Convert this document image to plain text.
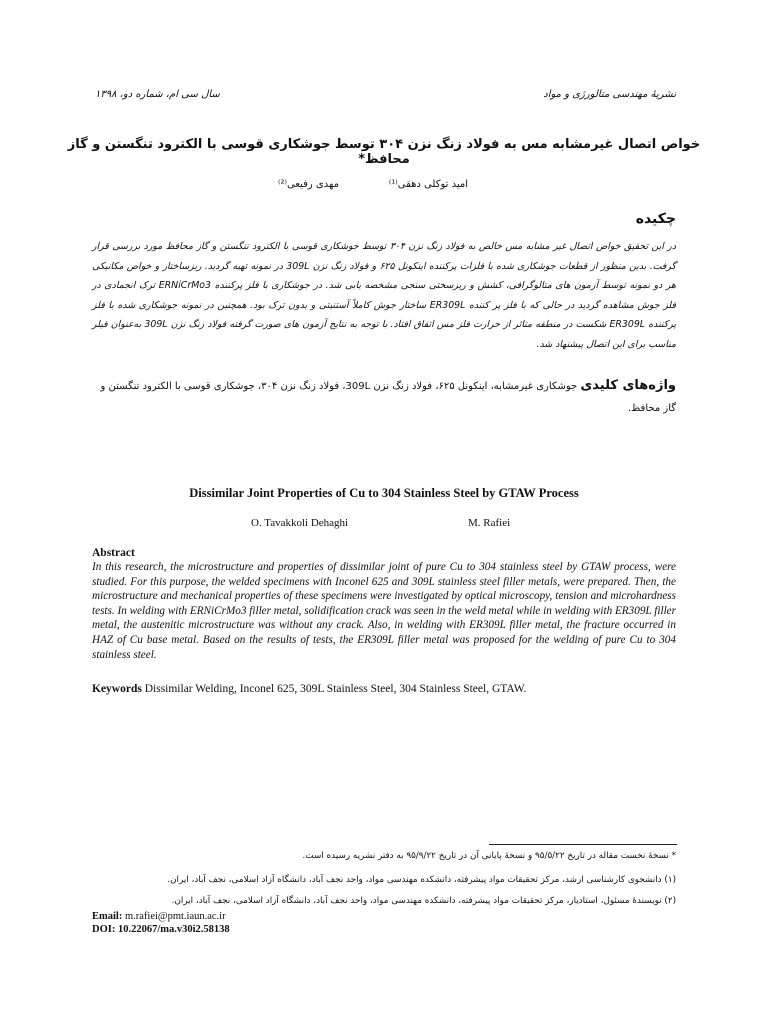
نشریهٔ مهندسی متالورژی و مواد
سال سی ام، شماره دو، ۱۳۹۸
خواص اتصال غیرمشابه مس به فولاد زنگ نزن ۳۰۴ توسط جوشکاری قوسی با الکترود تنگستن و گاز محافظ*
امید توکلی دهقی⁽¹⁾
مهدی رفیعی⁽²⁾
چکیده
در این تحقیق خواص اتصال غیر مشابه مس خالص به فولاد زنگ نزن ۳۰۴ توسط جوشکاری قوسی با الکترود تنگستن و گاز محافظ مورد بررسی قرار گرفت. بدین منظور از قطعات جوشکاری شده با فلزات پرکننده اینکونل ۶۲۵ و فولاد زنگ نزن 309L در نمونه تهیه گردید. ریزساختار و خواص مکانیکی هر دو نمونه توسط آزمون های متالوگرافی، کشش و ریزسختی سنجی مشخصه یابی شد. در جوشکاری با فلز پرکننده ERNiCrMo3 ترک انجمادی در فلز جوش مشاهده گردید در حالی که با فلز پر کننده ER309L ساختار جوش کاملاً آستنیتی و بدون ترک بود. همچنین در نمونه جوشکاری شده با فلز پرکننده ER309L شکست در منطقه متاثر از حرارت فلز مس اتفاق افتاد. با توجه به نتایج آزمون های صورت گرفته فولاد زنگ نزن 309L به‌عنوان فیلر مناسب برای این اتصال پیشنهاد شد.
واژه‌های کلیدی جوشکاری غیرمشابه، اینکونل ۶۲۵، فولاد زنگ نزن 309L، فولاد زنگ نزن ۳۰۴، جوشکاری قوسی با الکترود تنگستن و گاز محافظ.
Dissimilar Joint Properties of Cu to 304 Stainless Steel by GTAW Process
O. Tavakkoli Dehaghi	M. Rafiei
Abstract
In this research, the microstructure and properties of dissimilar joint of pure Cu to 304 stainless steel by GTAW process, were studied. For this purpose, the welded specimens with Inconel 625 and 309L stainless steel filler metals, were prepared. Then, the microstructure and mechanical properties of these specimens were investigated by optical microscopy, tension and microhardness tests. In welding with ERNiCrMo3 filler metal, solidification crack was seen in the weld metal while in welding with ER309L filler metal, the austenitic microstructure was without any crack. Also, in welding with ER309L filler metal, the fracture occurred in HAZ of Cu base metal. Based on the results of tests, the ER309L filler metal was proposed for the welding of pure Cu to 304 stainless steel.
Keywords Dissimilar Welding, Inconel 625, 309L Stainless Steel, 304 Stainless Steel, GTAW.
* نسخهٔ نخست مقاله در تاریخ ۹۵/۵/۲۲ و نسخهٔ پایانی آن در تاریخ ۹۵/۹/۲۲ به دفتر نشریه رسیده است.
(۱) دانشجوی کارشناسی ارشد، مرکز تحقیقات مواد پیشرفته، دانشکده مهندسی مواد، واحد نجف آباد، دانشگاه آزاد اسلامی، نجف آباد، ایران.
(۲) نویسندهٔ مسئول، استادیار، مرکز تحقیقات مواد پیشرفته، دانشکده مهندسی مواد، واحد نجف آباد، دانشگاه آزاد اسلامی، نجف آباد، ایران.
Email: m.rafiei@pmt.iaun.ac.ir
DOI: 10.22067/ma.v30i2.58138
